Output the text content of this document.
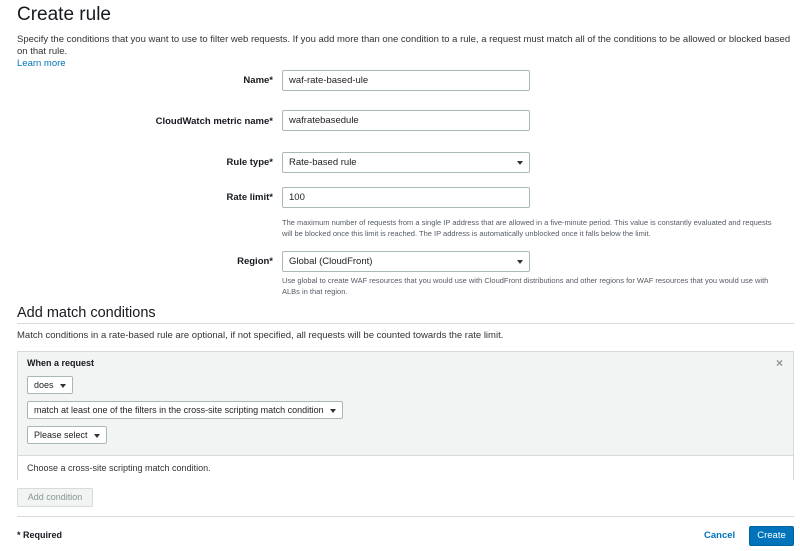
Create rule
Specify the conditions that you want to use to filter web requests. If you add more than one condition to a rule, a request must match all of the conditions to be allowed or blocked based on that rule.
Learn more
Name*	waf-rate-based-ule
CloudWatch metric name*	wafratebasedule
Rule type*	Rate-based rule
Rate limit*	100
The maximum number of requests from a single IP address that are allowed in a five-minute period. This value is constantly evaluated and requests will be blocked once this limit is reached. The IP address is automatically unblocked once it falls below the limit.
Region*	Global (CloudFront)
Use global to create WAF resources that you would use with CloudFront distributions and other regions for WAF resources that you would use with ALBs in that region.
Add match conditions
Match conditions in a rate-based rule are optional, if not specified, all requests will be counted towards the rate limit.
When a request	×
does
match at least one of the filters in the cross-site scripting match condition
Please select
Choose a cross-site scripting match condition.
Add condition
* Required	Cancel	Create
